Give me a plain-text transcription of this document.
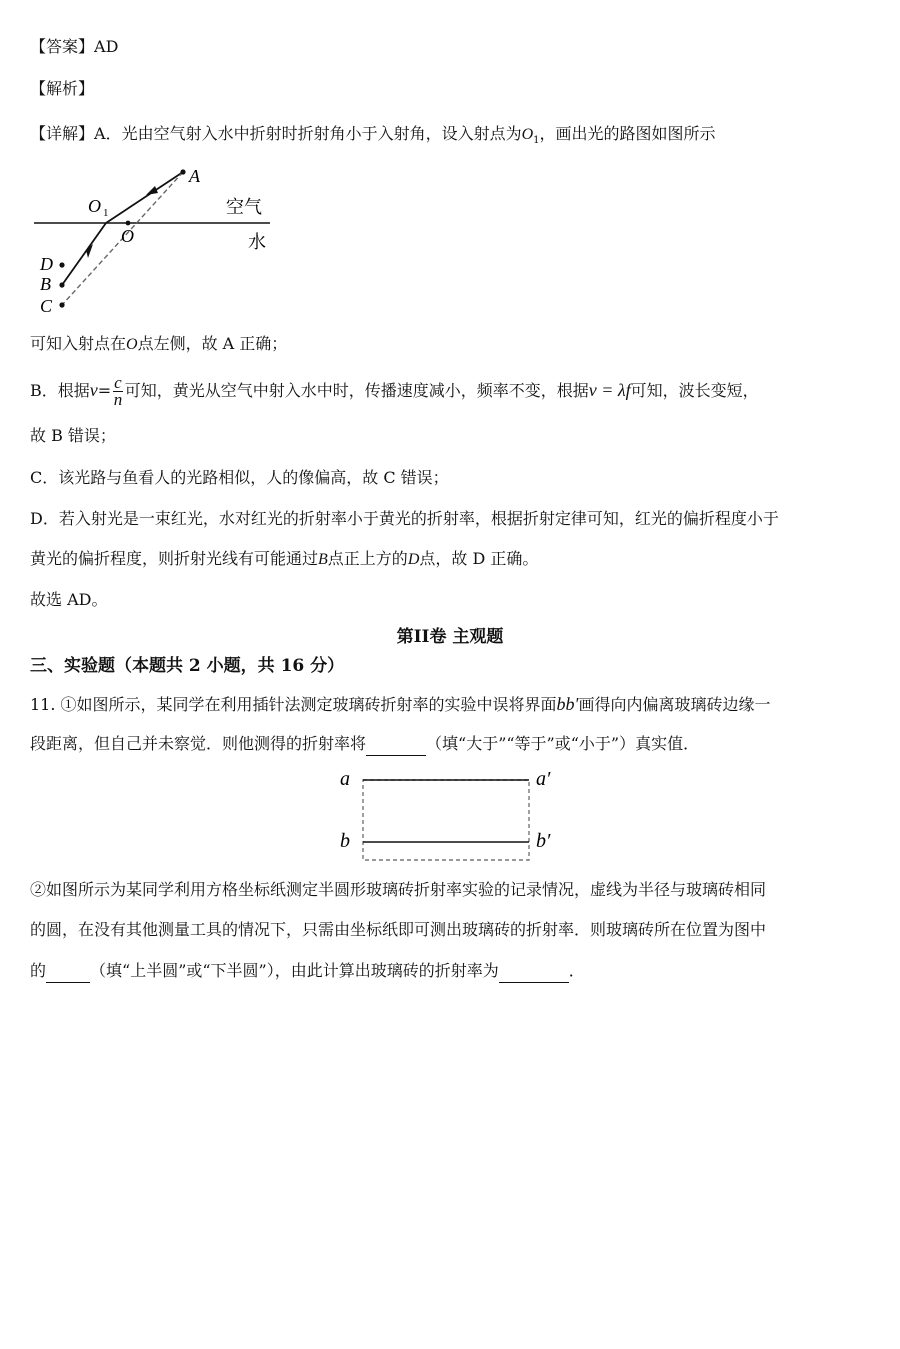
【答案】AD
【解析】
【详解】A．光由空气射入水中折射时折射角小于入射角，设入射点为$O_1$，画出光的路图如图所示
A
O 1
O
D
B
C
空气
水
可知入射点在O点左侧，故 A 正确；
B．根据$v= \frac{c}{n}$ 可知，黄光从空气中射入水中时，传播速度减小，频率不变，根据v = λf可知，波长变短，
故 B 错误；
C．该光路与鱼看人的光路相似，人的像偏高，故 C 错误；
D．若入射光是一束红光，水对红光的折射率小于黄光的折射率，根据折射定律可知，红光的偏折程度小于
黄光的偏折程度，则折射光线有可能通过B点正上方的D点，故 D 正确。
故选 AD。
第II卷 主观题
三、实验题（本题共 2 小题，共 16 分）
11. ①如图所示，某同学在利用插针法测定玻璃砖折射率的实验中误将界面bb′画得向内偏离玻璃砖边缘一
段距离，但自己并未察觉．则他测得的折射率将	（填“大于”“等于”或“小于”）真实值．
a	a′
b	b′
②如图所示为某同学利用方格坐标纸测定半圆形玻璃砖折射率实验的记录情况，虚线为半径与玻璃砖相同
的圆，在没有其他测量工具的情况下，只需由坐标纸即可测出玻璃砖的折射率．则玻璃砖所在位置为图中
的	（填“上半圆”或“下半圆”），由此计算出玻璃砖的折射率为	．
